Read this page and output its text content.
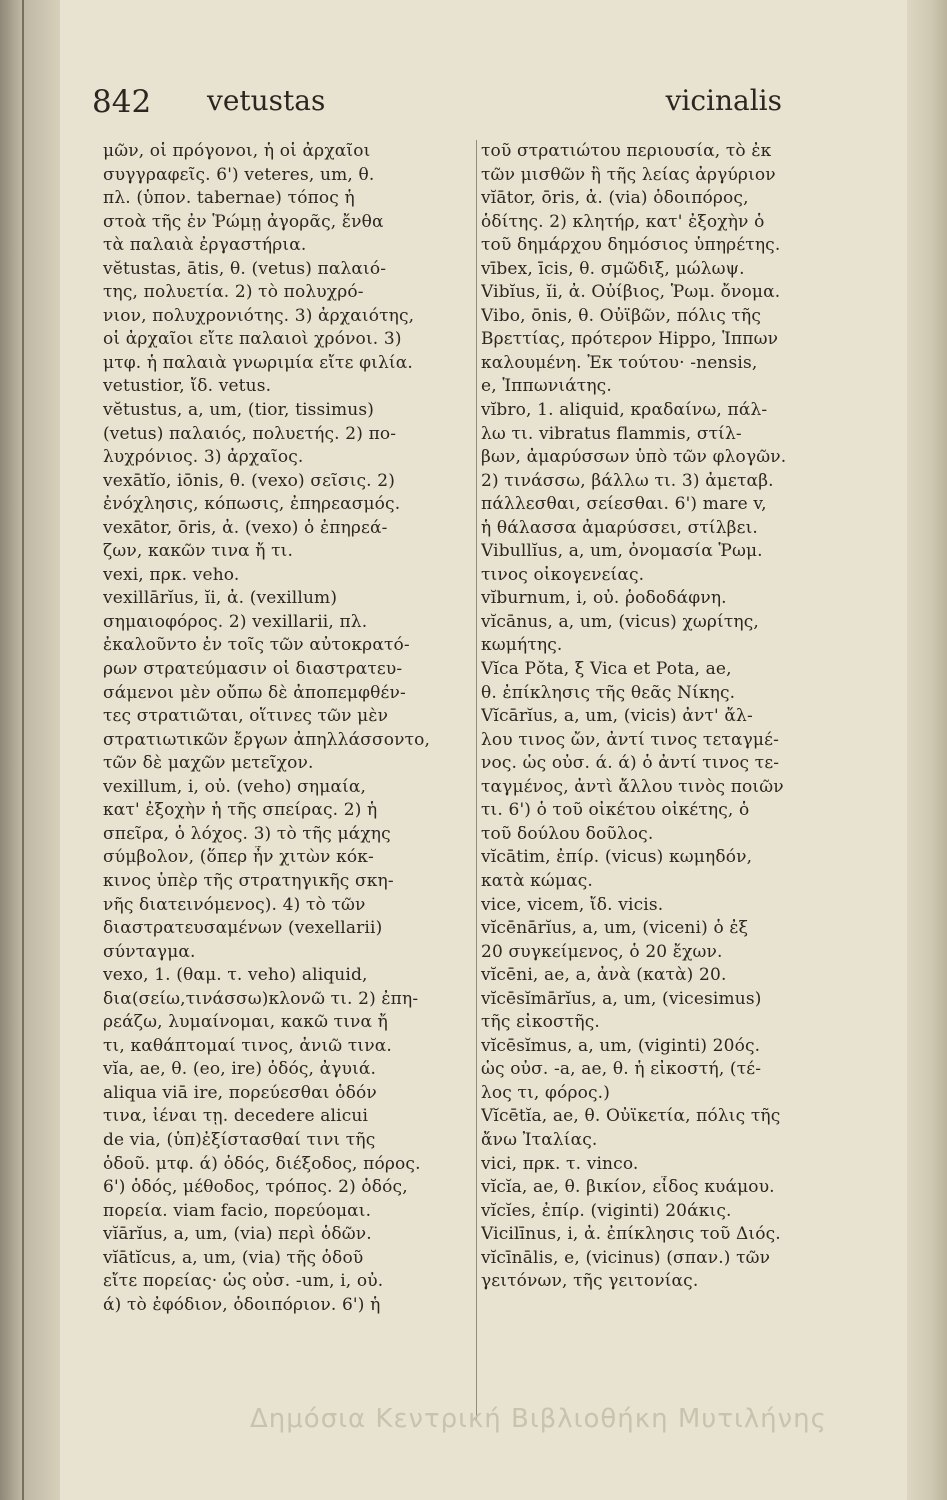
842 vetustas	vicinalis
μῶν, οἱ πρόγονοι, ἡ οἱ ἀρχαῖοι
συγγραφεῖς. 6') veteres, um, θ.
πλ. (ὑπον. tabernae) τόπος ἡ
στοὰ τῆς ἐν Ῥώμῃ ἀγορᾶς, ἔνθα
τὰ παλαιὰ ἐργαστήρια.
vĕtustas, ātis, θ. (vetus) παλαιό-
της, πολυετία. 2) τὸ πολυχρό-
νιον, πολυχρονιότης. 3) ἀρχαιότης,
οἱ ἀρχαῖοι εἴτε παλαιοὶ χρόνοι. 3)
μτφ. ἡ παλαιὰ γνωριμία εἴτε φιλία.
vetustior, ἴδ. vetus.
vĕtustus, a, um, (tior, tissimus)
(vetus) παλαιός, πολυετής. 2) πο-
λυχρόνιος. 3) ἀρχαῖος.
vexātĭo, iōnis, θ. (vexo) σεῖσις. 2)
ἐνόχλησις, κόπωσις, ἐπηρεασμός.
vexātor, ōris, ἀ. (vexo) ὁ ἐπηρεά-
ζων, κακῶν τινα ἤ τι.
vexi, πρκ. veho.
vexillārĭus, ĭi, ἀ. (vexillum)
σημαιοφόρος. 2) vexillarii, πλ.
ἐκαλοῦντο ἐν τοῖς τῶν αὐτοκρατό-
ρων στρατεύμασιν οἱ διαστρατευ-
σάμενοι μὲν οὔπω δὲ ἀποπεμφθέν-
τες στρατιῶται, οἵτινες τῶν μὲν
στρατιωτικῶν ἔργων ἀπηλλάσσοντο,
τῶν δὲ μαχῶν μετεῖχον.
vexillum, i, οὐ. (veho) σημαία,
κατ' ἐξοχὴν ἡ τῆς σπείρας. 2) ἡ
σπεῖρα, ὁ λόχος. 3) τὸ τῆς μάχης
σύμβολον, (ὅπερ ἦν χιτὼν κόκ-
κινος ὑπὲρ τῆς στρατηγικῆς σκη-
νῆς διατεινόμενος). 4) τὸ τῶν
διαστρατευσαμένων (vexellarii)
σύνταγμα.
vexo, 1. (θαμ. τ. veho) aliquid,
δια(σείω,τινάσσω)κλονῶ τι. 2) ἐπη-
ρεάζω, λυμαίνομαι, κακῶ τινα ἤ
τι, καθάπτομαί τινος, ἀνιῶ τινα.
vĭa, ae, θ. (eo, ire) ὁδός, ἀγυιά.
aliqua viā ire, πορεύεσθαι ὁδόν
τινα, ἰέναι τῃ. decedere alicui
de via, (ὑπ)ἐξίστασθαί τινι τῆς
ὁδοῦ. μτφ. ά) ὁδός, διέξοδος, πόρος.
6') ὁδός, μέθοδος, τρόπος. 2) ὁδός,
πορεία. viam facio, πορεύομαι.
vĭārĭus, a, um, (via) περὶ ὁδῶν.
vĭātĭcus, a, um, (via) τῆς ὁδοῦ
εἴτε πορείας· ὡς οὐσ. -um, i, οὐ.
ά) τὸ ἐφόδιον, ὁδοιπόριον. 6') ἡ
τοῦ στρατιώτου περιουσία, τὸ ἐκ
τῶν μισθῶν ἢ τῆς λείας ἀργύριον
vĭātor, ōris, ἀ. (via) ὁδοιπόρος,
ὁδίτης. 2) κλητήρ, κατ' ἐξοχὴν ὁ
τοῦ δημάρχου δημόσιος ὑπηρέτης.
vībex, īcis, θ. σμῶδιξ, μώλωψ.
Vibĭus, ĭi, ἀ. Οὐίβιος, Ῥωμ. ὄνομα.
Vibo, ōnis, θ. Οὐϊβῶν, πόλις τῆς
Βρεττίας, πρότερον Hippo, Ἱππων
καλουμένη. Ἐκ τούτου· -nensis,
e, Ἱππωνιάτης.
vĭbro, 1. aliquid, κραδαίνω, πάλ-
λω τι. vibratus flammis, στίλ-
βων, ἀμαρύσσων ὑπὸ τῶν φλογῶν.
2) τινάσσω, βάλλω τι. 3) ἀμεταβ.
πάλλεσθαι, σείεσθαι. 6') mare v,
ἡ θάλασσα ἀμαρύσσει, στίλβει.
Vibullĭus, a, um, ὀνομασία Ῥωμ.
τινος οἰκογενείας.
vĭburnum, i, οὐ. ῥοδοδάφνη.
vĭcānus, a, um, (vicus) χωρίτης,
κωμήτης.
Vĭca Pŏta, ξ Vica et Pota, ae,
θ. ἐπίκλησις τῆς θεᾶς Νίκης.
Vĭcārĭus, a, um, (vicis) ἀντ' ἄλ-
λου τινος ὤν, ἀντί τινος τεταγμέ-
νος. ὡς οὐσ. ά. ά) ὁ ἀντί τινος τε-
ταγμένος, ἀντὶ ἄλλου τινὸς ποιῶν
τι. 6') ὁ τοῦ οἰκέτου οἰκέτης, ὁ
τοῦ δούλου δοῦλος.
vĭcātim, ἐπίρ. (vicus) κωμηδόν,
κατὰ κώμας.
vice, vicem, ἴδ. vicis.
vĭcēnārĭus, a, um, (viceni) ὁ ἐξ
20 συγκείμενος, ὁ 20 ἔχων.
vĭcēni, ae, a, ἀνὰ (κατὰ) 20.
vĭcēsĭmārĭus, a, um, (vicesimus)
τῆς εἰκοστῆς.
vĭcēsĭmus, a, um, (viginti) 20ός.
ὡς οὐσ. -a, ae, θ. ἡ εἰκοστή, (τέ-
λος τι, φόρος.)
Vĭcētĭa, ae, θ. Οὐϊκετία, πόλις τῆς
ἄνω Ἰταλίας.
vici, πρκ. τ. vinco.
vĭcĭa, ae, θ. βικίον, εἶδος κυάμου.
vĭcĭes, ἐπίρ. (viginti) 20άκις.
Vicilīnus, i, ἀ. ἐπίκλησις τοῦ Διός.
vĭcīnālis, e, (vicinus) (σπαν.) τῶν
γειτόνων, τῆς γειτονίας.
Δημόσια Κεντρική Βιβλιοθήκη Μυτιλήνης
